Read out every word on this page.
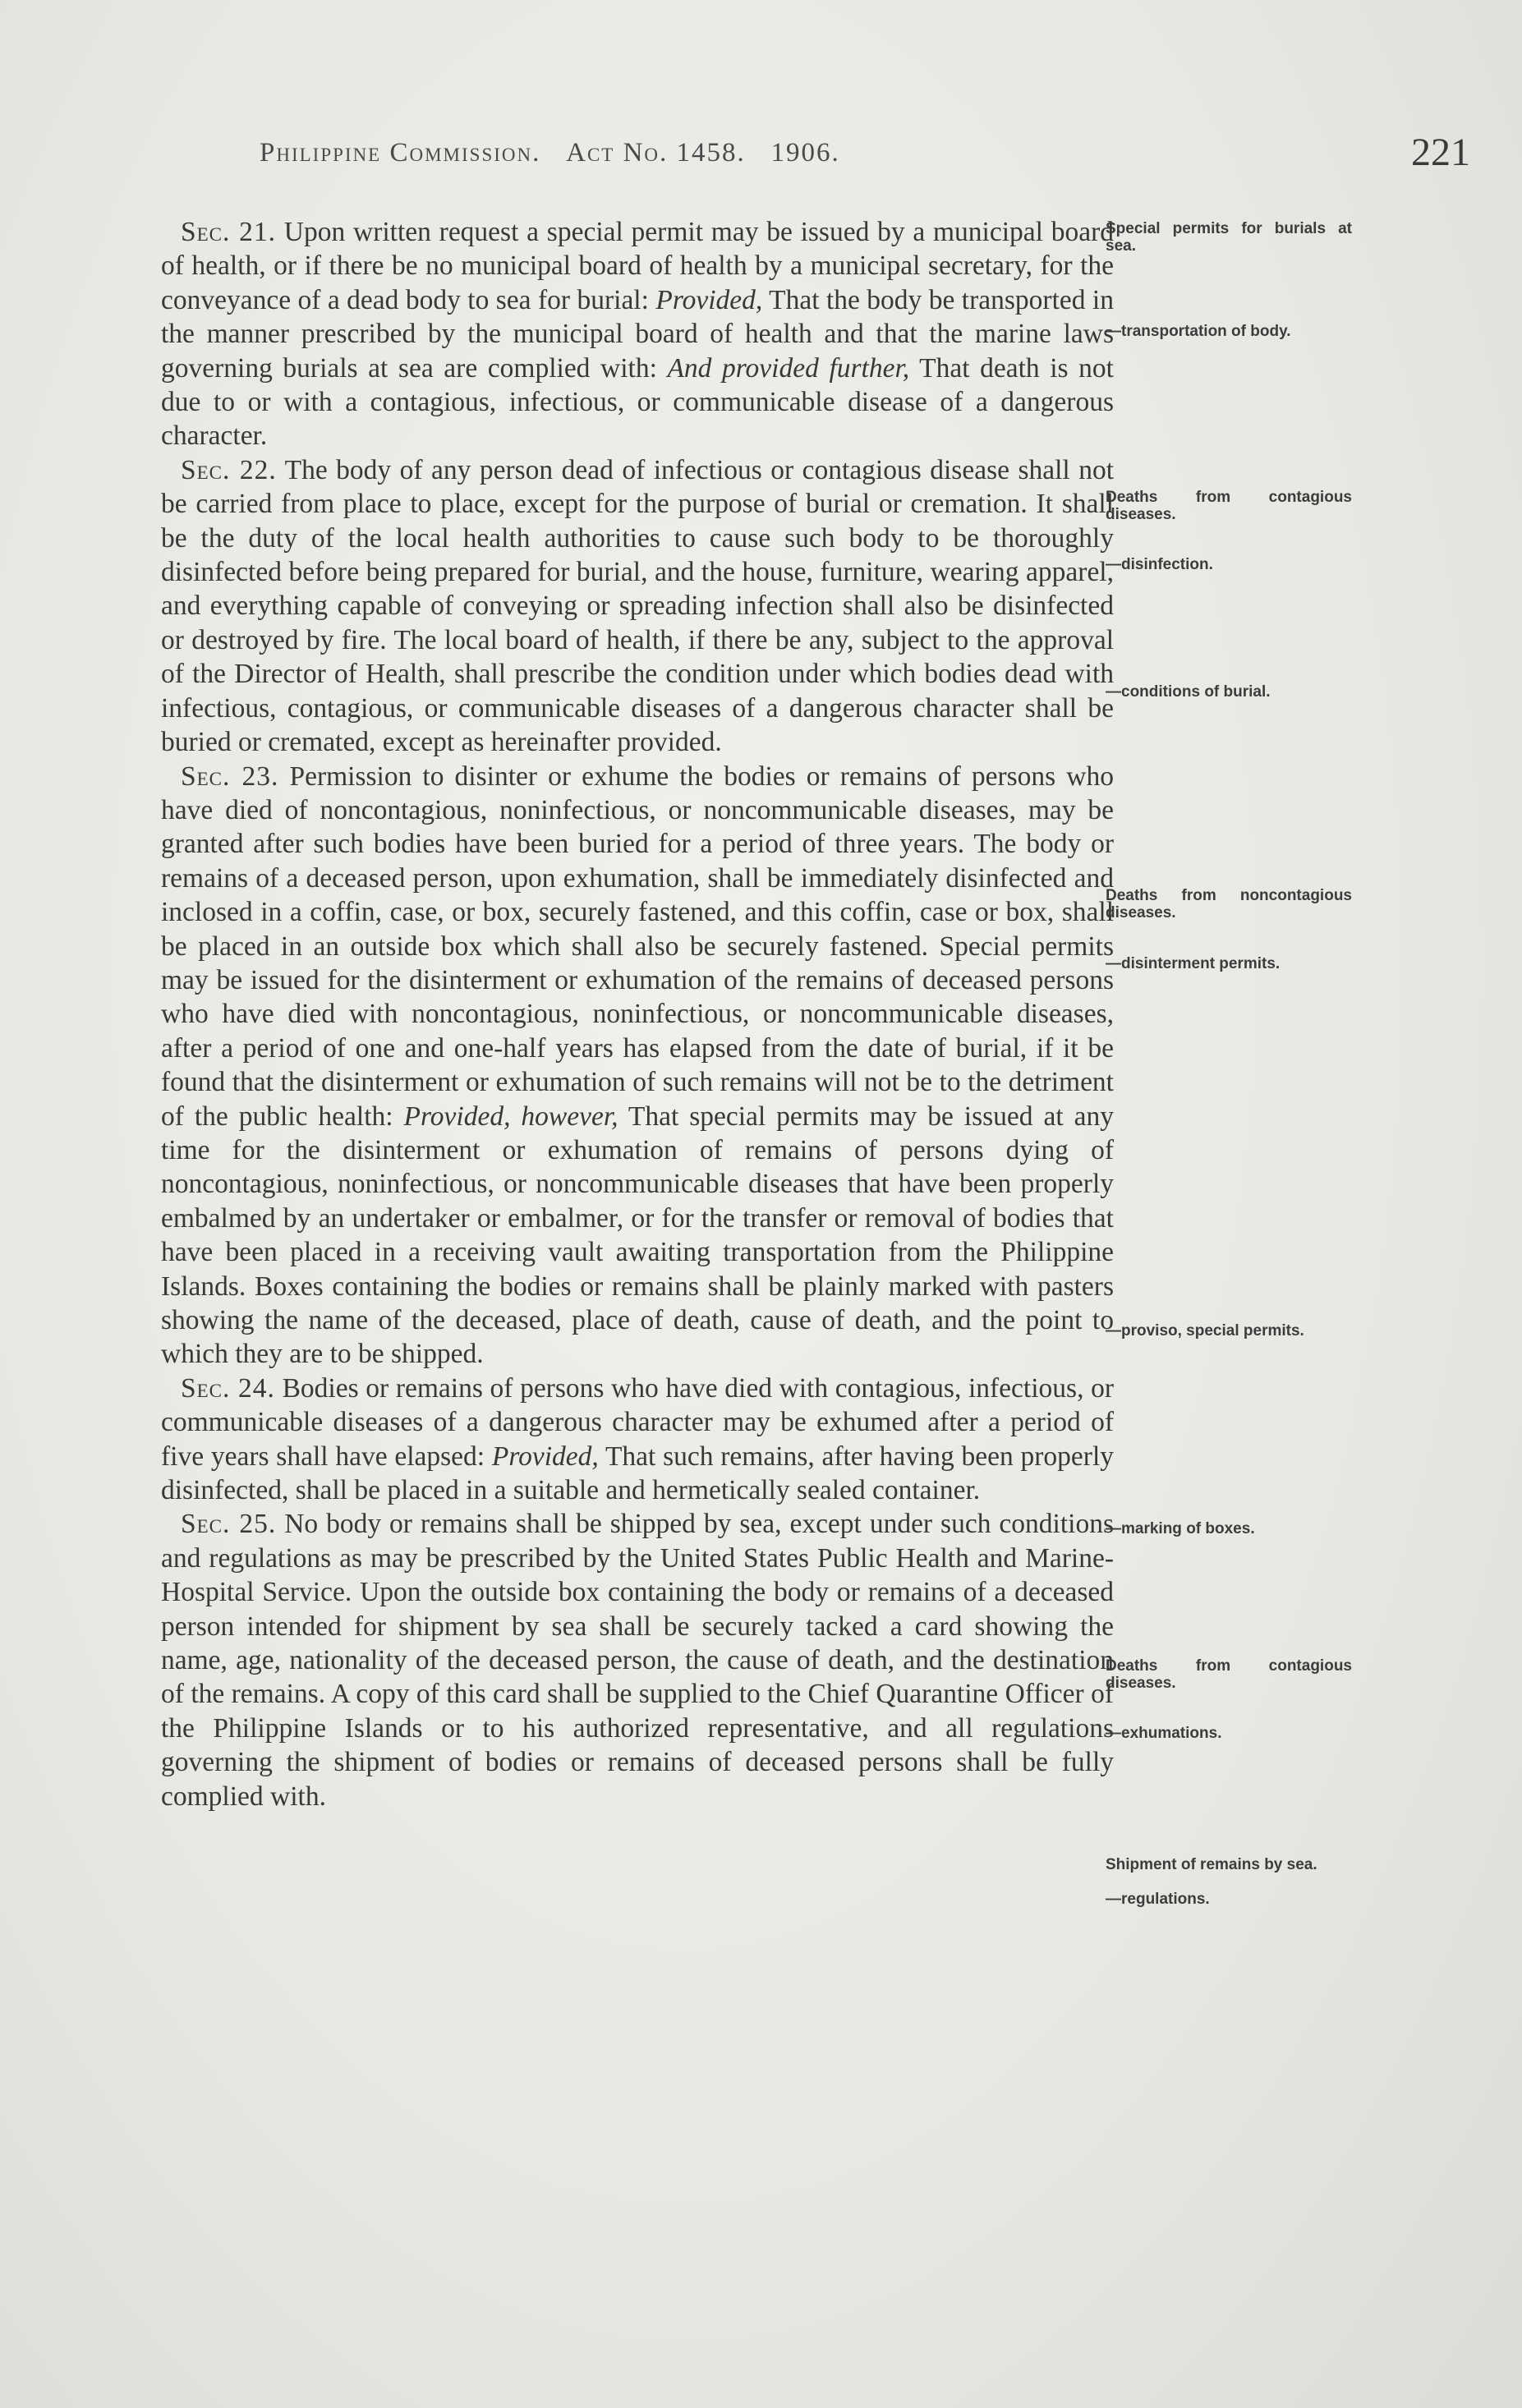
Philippine Commission. Act No. 1458. 1906.	221

Sec. 21. Upon written request a special permit may be issued by a municipal board of health, or if there be no municipal board of health by a municipal secretary, for the conveyance of a dead body to sea for burial: Provided, That the body be transported in the manner prescribed by the municipal board of health and that the marine laws governing burials at sea are complied with: And provided further, That death is not due to or with a contagious, infectious, or communicable disease of a dangerous character.

Sec. 22. The body of any person dead of infectious or contagious disease shall not be carried from place to place, except for the purpose of burial or cremation. It shall be the duty of the local health authorities to cause such body to be thoroughly disinfected before being prepared for burial, and the house, furniture, wearing apparel, and everything capable of conveying or spreading infection shall also be disinfected or destroyed by fire. The local board of health, if there be any, subject to the approval of the Director of Health, shall prescribe the condition under which bodies dead with infectious, contagious, or communicable diseases of a dangerous character shall be buried or cremated, except as hereinafter provided.

Sec. 23. Permission to disinter or exhume the bodies or remains of persons who have died of noncontagious, noninfectious, or noncommunicable diseases, may be granted after such bodies have been buried for a period of three years. The body or remains of a deceased person, upon exhumation, shall be immediately disinfected and inclosed in a coffin, case, or box, securely fastened, and this coffin, case or box, shall be placed in an outside box which shall also be securely fastened. Special permits may be issued for the disinterment or exhumation of the remains of deceased persons who have died with noncontagious, noninfectious, or noncommunicable diseases, after a period of one and one-half years has elapsed from the date of burial, if it be found that the disinterment or exhumation of such remains will not be to the detriment of the public health: Provided, however, That special permits may be issued at any time for the disinterment or exhumation of remains of persons dying of noncontagious, noninfectious, or noncommunicable diseases that have been properly embalmed by an undertaker or embalmer, or for the transfer or removal of bodies that have been placed in a receiving vault awaiting transportation from the Philippine Islands. Boxes containing the bodies or remains shall be plainly marked with pasters showing the name of the deceased, place of death, cause of death, and the point to which they are to be shipped.

Sec. 24. Bodies or remains of persons who have died with contagious, infectious, or communicable diseases of a dangerous character may be exhumed after a period of five years shall have elapsed: Provided, That such remains, after having been properly disinfected, shall be placed in a suitable and hermetically sealed container.

Sec. 25. No body or remains shall be shipped by sea, except under such conditions and regulations as may be prescribed by the United States Public Health and Marine-Hospital Service. Upon the outside box containing the body or remains of a deceased person intended for shipment by sea shall be securely tacked a card showing the name, age, nationality of the deceased person, the cause of death, and the destination of the remains. A copy of this card shall be supplied to the Chief Quarantine Officer of the Philippine Islands or to his authorized representative, and all regulations governing the shipment of bodies or remains of deceased persons shall be fully complied with.

Special permits for burials at sea.
—transportation of body.
Deaths from contagious diseases.
—disinfection.
—conditions of burial.
Deaths from noncontagious diseases.
—disinterment permits.
—proviso, special permits.
—marking of boxes.
Deaths from contagious diseases.
—exhumations.
Shipment of remains by sea.
—regulations.
